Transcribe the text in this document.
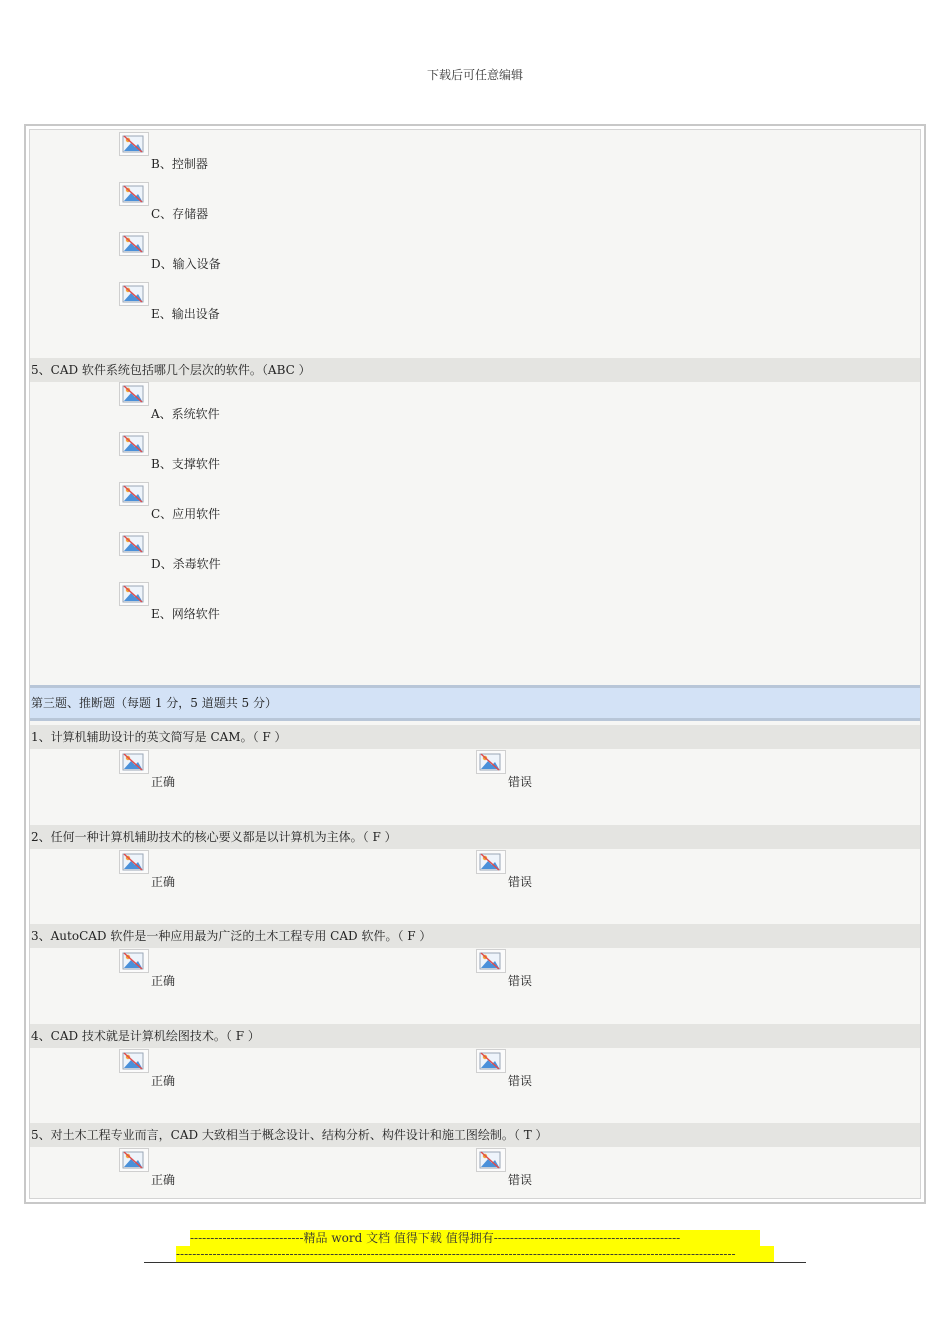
下载后可任意编辑
B、控制器
C、存储器
D、输入设备
E、输出设备
5、CAD 软件系统包括哪几个层次的软件。（ABC ）
A、系统软件
B、支撑软件
C、应用软件
D、杀毒软件
E、网络软件
第三题、推断题（每题 1 分，5 道题共 5 分）
1、计算机辅助设计的英文简写是 CAM。（ F ）
正确	错误
2、任何一种计算机辅助技术的核心要义都是以计算机为主体。（ F ）
正确	错误
3、AutoCAD 软件是一种应用最为广泛的土木工程专用 CAD 软件。（ F ）
正确	错误
4、CAD 技术就是计算机绘图技术。（ F ）
正确	错误
5、对土木工程专业而言，CAD 大致相当于概念设计、结构分析、构件设计和施工图绘制。（ T ）
正确	错误
----------------------------精品 word 文档 值得下载 值得拥有----------------------------------------------
------------------------------------------------------------------------------------------------------------------------------------------
